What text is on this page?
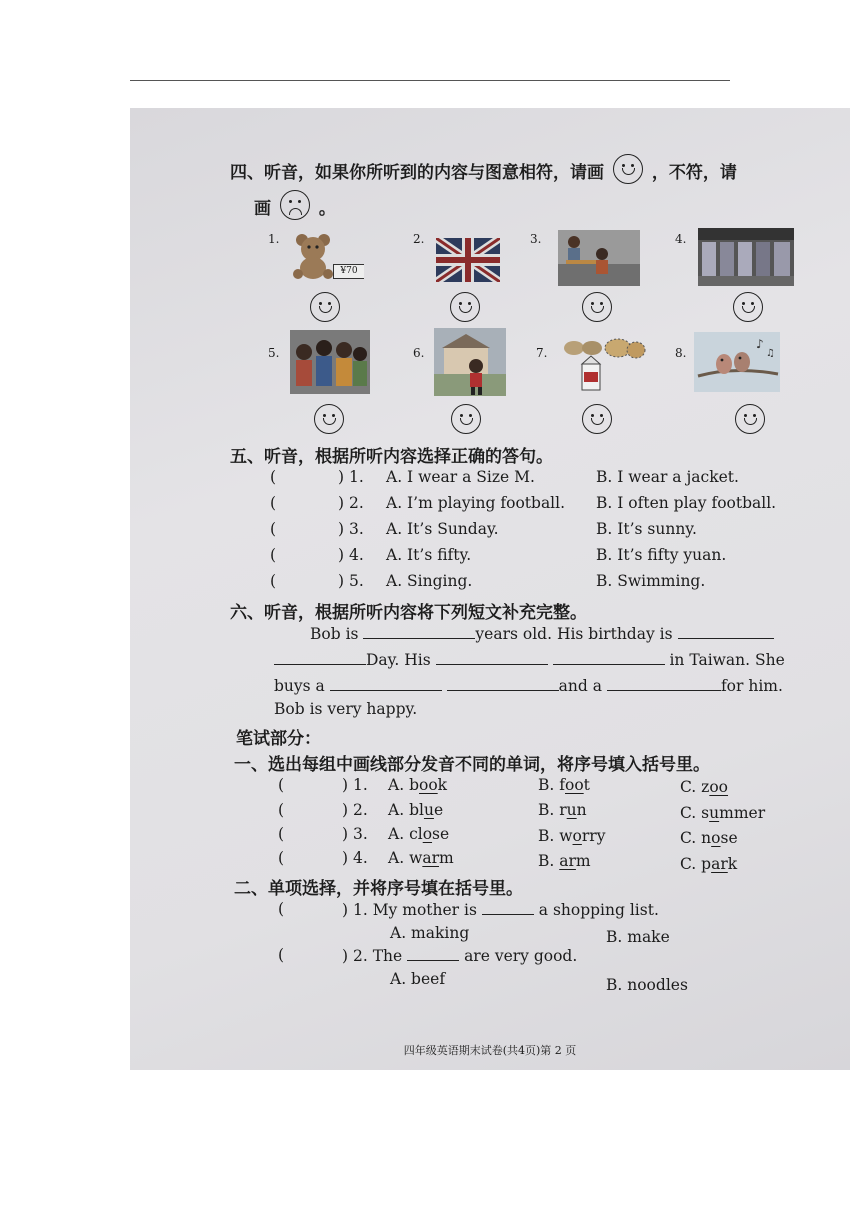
四、听音，如果你所听到的内容与图意相符，请画	，不符，请
画	。
1.	2.	3.	4.
5.	6.	7.	8.
¥70
♪
♫
五、听音，根据所听内容选择正确的答句。
(	) 1. A. I wear a Size M.	B. I wear a jacket.
(	) 2. A. I’m playing football. B. I often play football.
(	) 3. A. It’s Sunday.	B. It’s sunny.
(	) 4. A. It’s fifty.	B. It’s fifty yuan.
(	) 5. A. Singing.	B. Swimming.
六、听音，根据所听内容将下列短文补充完整。
Bob is	years old. His birthday is
Day. His	in Taiwan. She
buys a	and a	for him.
Bob is very happy.
笔试部分：
一、选出每组中画线部分发音不同的单词，将序号填入括号里。
(	) 1. A. book	B. foot	C. zoo
(	) 2. A. blue	B. run	C. summer
(	) 3. A. close	B. worry	C. nose
(	) 4. A. warm	B. arm	C. park
二、单项选择，并将序号填在括号里。
(	) 1. My mother is	a shopping list.
A. making	B. make
(	) 2. The	are very good.
A. beef	B. noodles
四年级英语期末试卷(共4页)第 2 页
